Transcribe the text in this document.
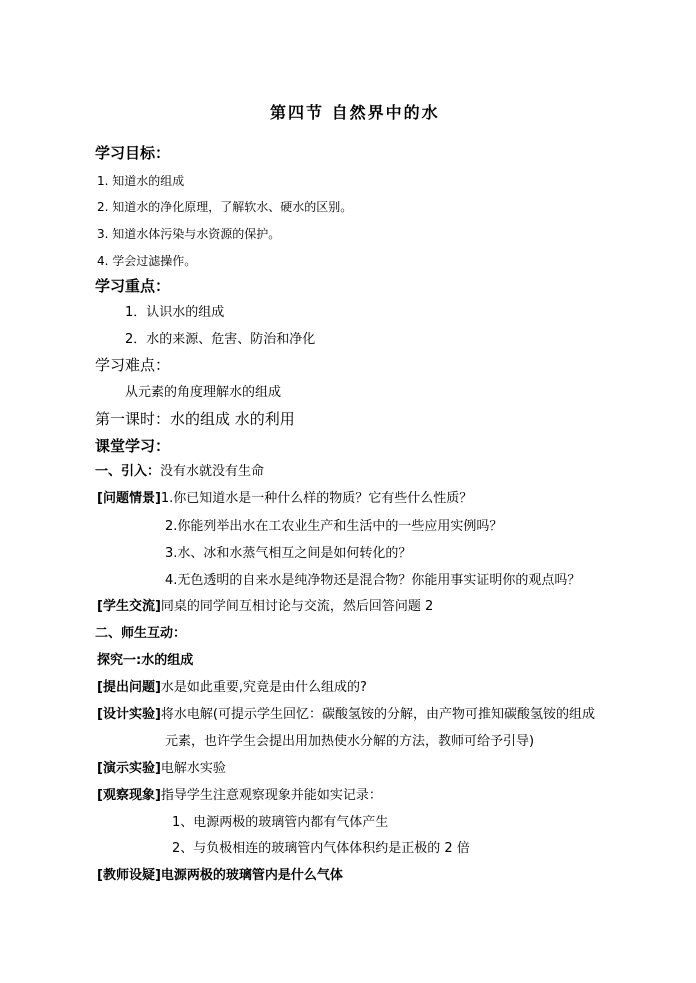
第四节 自然界中的水
学习目标：
1. 知道水的组成
2. 知道水的净化原理，了解软水、硬水的区别。
3. 知道水体污染与水资源的保护。
4. 学会过滤操作。
学习重点：
1．认识水的组成
2．水的来源、危害、防治和净化
学习难点：
从元素的角度理解水的组成
第一课时：水的组成 水的利用
课堂学习：
一、引入：没有水就没有生命
[问题情景]1.你已知道水是一种什么样的物质？它有些什么性质？
2.你能列举出水在工农业生产和生活中的一些应用实例吗？
3.水、冰和水蒸气相互之间是如何转化的？
4.无色透明的自来水是纯净物还是混合物？你能用事实证明你的观点吗？
[学生交流]同桌的同学间互相讨论与交流，然后回答问题 2
二、师生互动：
探究一:水的组成
[提出问题]水是如此重要,究竟是由什么组成的?
[设计实验]将水电解(可提示学生回忆：碳酸氢铵的分解，由产物可推知碳酸氢铵的组成
元素，也许学生会提出用加热使水分解的方法，教师可给予引导)
[演示实验]电解水实验
[观察现象]指导学生注意观察现象并能如实记录：
1、电源两极的玻璃管内都有气体产生
2、与负极相连的玻璃管内气体体积约是正极的 2 倍
[教师设疑]电源两极的玻璃管内是什么气体
